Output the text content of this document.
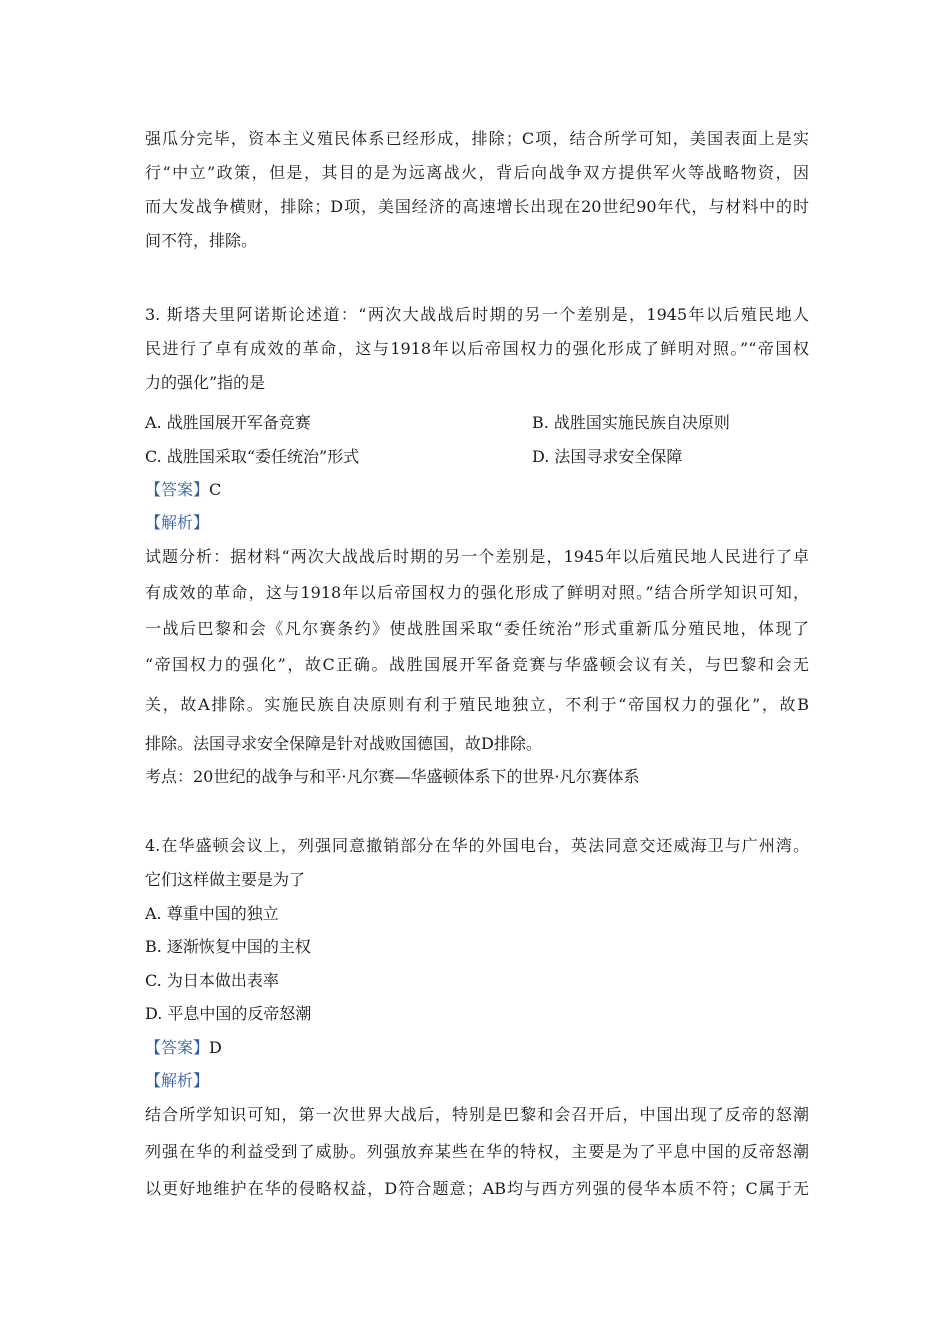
强瓜分完毕，资本主义殖民体系已经形成，排除；C项，结合所学可知，美国表面上是实
行“中立”政策，但是，其目的是为远离战火，背后向战争双方提供军火等战略物资，因
而大发战争横财，排除；D项，美国经济的高速增长出现在20世纪90年代，与材料中的时
间不符，排除。
3. 斯塔夫里阿诺斯论述道：“两次大战战后时期的另一个差别是，1945年以后殖民地人
民进行了卓有成效的革命，这与1918年以后帝国权力的强化形成了鲜明对照。”“帝国权
力的强化”指的是
A. 战胜国展开军备竞赛	B. 战胜国实施民族自决原则
C. 战胜国采取“委任统治”形式	D. 法国寻求安全保障
【答案】C
【解析】
试题分析：据材料“两次大战战后时期的另一个差别是，1945年以后殖民地人民进行了卓
有成效的革命，这与1918年以后帝国权力的强化形成了鲜明对照。”结合所学知识可知，
一战后巴黎和会《凡尔赛条约》使战胜国采取“委任统治”形式重新瓜分殖民地，体现了
“帝国权力的强化”，故C正确。战胜国展开军备竞赛与华盛顿会议有关，与巴黎和会无
关，故A排除。实施民族自决原则有利于殖民地独立，不利于“帝国权力的强化”，故B
排除。法国寻求安全保障是针对战败国德国，故D排除。
考点：20世纪的战争与和平·凡尔赛—华盛顿体系下的世界·凡尔赛体系
4.在华盛顿会议上，列强同意撤销部分在华的外国电台，英法同意交还威海卫与广州湾。
它们这样做主要是为了
A. 尊重中国的独立
B. 逐渐恢复中国的主权
C. 为日本做出表率
D. 平息中国的反帝怒潮
【答案】D
【解析】
结合所学知识可知，第一次世界大战后，特别是巴黎和会召开后，中国出现了反帝的怒潮
列强在华的利益受到了威胁。列强放弃某些在华的特权，主要是为了平息中国的反帝怒潮
以更好地维护在华的侵略权益，D符合题意；AB均与西方列强的侵华本质不符；C属于无
